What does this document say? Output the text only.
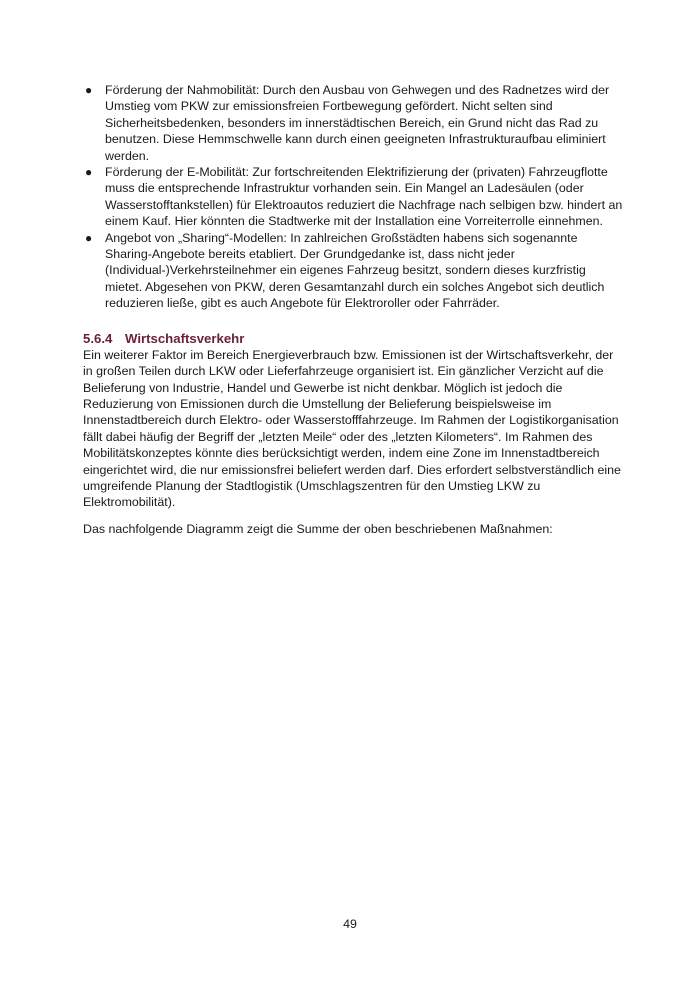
● Förderung der Nahmobilität: Durch den Ausbau von Gehwegen und des Radnetzes wird der Umstieg vom PKW zur emissionsfreien Fortbewegung gefördert. Nicht selten sind Sicherheitsbedenken, besonders im innerstädtischen Bereich, ein Grund nicht das Rad zu benutzen. Diese Hemmschwelle kann durch einen geeigneten Infrastrukturaufbau eliminiert werden.
● Förderung der E-Mobilität: Zur fortschreitenden Elektrifizierung der (privaten) Fahrzeugflotte muss die entsprechende Infrastruktur vorhanden sein. Ein Mangel an Ladesäulen (oder Wasserstofftankstellen) für Elektroautos reduziert die Nachfrage nach selbigen bzw. hindert an einem Kauf. Hier könnten die Stadtwerke mit der Installation eine Vorreiterrolle einnehmen.
● Angebot von „Sharing“-Modellen: In zahlreichen Großstädten habens sich sogenannte Sharing-Angebote bereits etabliert. Der Grundgedanke ist, dass nicht jeder (Individual-)Verkehrsteilnehmer ein eigenes Fahrzeug besitzt, sondern dieses kurzfristig mietet. Abgesehen von PKW, deren Gesamtanzahl durch ein solches Angebot sich deutlich reduzieren ließe, gibt es auch Angebote für Elektroroller oder Fahrräder.
5.6.4 Wirtschaftsverkehr

Ein weiterer Faktor im Bereich Energieverbrauch bzw. Emissionen ist der Wirtschaftsverkehr, der in großen Teilen durch LKW oder Lieferfahrzeuge organisiert ist. Ein gänzlicher Verzicht auf die Belieferung von Industrie, Handel und Gewerbe ist nicht denkbar. Möglich ist jedoch die Reduzierung von Emissionen durch die Umstellung der Belieferung beispielsweise im Innenstadtbereich durch Elektro- oder Wasserstofffahrzeuge. Im Rahmen der Logistikorganisation fällt dabei häufig der Begriff der „letzten Meile“ oder des „letzten Kilometers“. Im Rahmen des Mobilitätskonzeptes könnte dies berücksichtigt werden, indem eine Zone im Innenstadtbereich eingerichtet wird, die nur emissionsfrei beliefert werden darf. Dies erfordert selbstverständlich eine umgreifende Planung der Stadtlogistik (Umschlagszentren für den Umstieg LKW zu Elektromobilität).

Das nachfolgende Diagramm zeigt die Summe der oben beschriebenen Maßnahmen:

49
